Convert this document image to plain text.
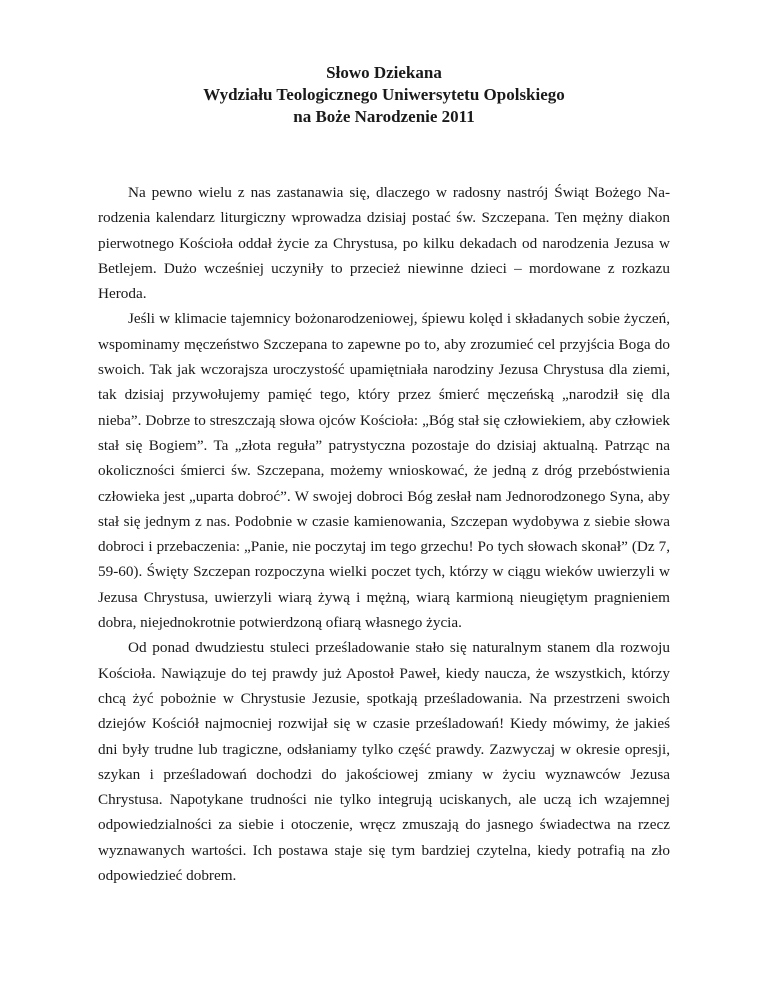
Słowo Dziekana
Wydziału Teologicznego Uniwersytetu Opolskiego
na Boże Narodzenie 2011

Na pewno wielu z nas zastanawia się, dlaczego w radosny nastrój Świąt Bożego Narodzenia kalendarz liturgiczny wprowadza dzisiaj postać św. Szczepana. Ten mężny diakon pierwotnego Kościoła oddał życie za Chrystusa, po kilku dekadach od narodzenia Jezusa w Betlejem. Dużo wcześniej uczyniły to przecież niewinne dzieci – mordowane z rozkazu Heroda.

Jeśli w klimacie tajemnicy bożonarodzeniowej, śpiewu kolęd i składanych sobie życzeń, wspominamy męczeństwo Szczepana to zapewne po to, aby zrozumieć cel przyjścia Boga do swoich. Tak jak wczorajsza uroczystość upamiętniała narodziny Jezusa Chrystusa dla ziemi, tak dzisiaj przywołujemy pamięć tego, który przez śmierć męczeńską „narodził się dla nieba”. Dobrze to streszczają słowa ojców Kościoła: „Bóg stał się człowiekiem, aby człowiek stał się Bogiem”. Ta „złota reguła” patrystyczna pozostaje do dzisiaj aktualną. Patrząc na okoliczności śmierci św. Szczepana, możemy wnioskować, że jedną z dróg przebóstwienia człowieka jest „uparta dobroć”. W swojej dobroci Bóg zesłał nam Jednorodzonego Syna, aby stał się jednym z nas. Podobnie w czasie kamienowania, Szczepan wydobywa z siebie słowa dobroci i przebaczenia: „Panie, nie poczytaj im tego grzechu! Po tych słowach skonał” (Dz 7, 59-60). Święty Szczepan rozpoczyna wielki poczet tych, którzy w ciągu wieków uwierzyli w Jezusa Chrystusa, uwierzyli wiarą żywą i mężną, wiarą karmioną nieugiętym pragnieniem dobra, niejednokrotnie potwierdzoną ofiarą własnego życia.

Od ponad dwudziestu stuleci prześladowanie stało się naturalnym stanem dla rozwoju Kościoła. Nawiązuje do tej prawdy już Apostoł Paweł, kiedy naucza, że wszystkich, którzy chcą żyć pobożnie w Chrystusie Jezusie, spotkają prześladowania. Na przestrzeni swoich dziejów Kościół najmocniej rozwijał się w czasie prześladowań! Kiedy mówimy, że jakieś dni były trudne lub tragiczne, odsłaniamy tylko część prawdy. Zazwyczaj w okresie opresji, szykan i prześladowań dochodzi do jakościowej zmiany w życiu wyznawców Jezusa Chrystusa. Napotykane trudności nie tylko integrują uciskanych, ale uczą ich wzajemnej odpowiedzialności za siebie i otoczenie, wręcz zmuszają do jasnego świadectwa na rzecz wyznawanych wartości. Ich postawa staje się tym bardziej czytelna, kiedy potrafią na zło odpowiedzieć dobrem.
